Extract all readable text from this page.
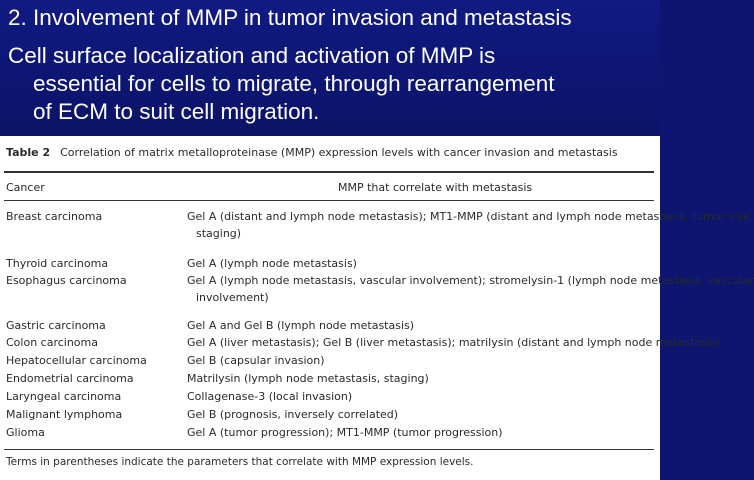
2. Involvement of MMP in tumor invasion and metastasis
Cell surface localization and activation of MMP is
essential for cells to migrate, through rearrangement
of ECM to suit cell migration.
Table 2 Correlation of matrix metalloproteinase (MMP) expression levels with cancer invasion and metastasis
Cancer	MMP that correlate with metastasis
Breast carcinoma	Gel A (distant and lymph node metastasis); MT1-MMP (distant and lymph node metastasis, tumor size,
staging)
Thyroid carcinoma	Gel A (lymph node metastasis)
Esophagus carcinoma	Gel A (lymph node metastasis, vascular involvement); stromelysin-1 (lymph node metastasis, vascular
involvement)
Gastric carcinoma	Gel A and Gel B (lymph node metastasis)
Colon carcinoma	Gel A (liver metastasis); Gel B (liver metastasis); matrilysin (distant and lymph node metastasis)
Hepatocellular carcinoma	Gel B (capsular invasion)
Endometrial carcinoma	Matrilysin (lymph node metastasis, staging)
Laryngeal carcinoma	Collagenase-3 (local invasion)
Malignant lymphoma	Gel B (prognosis, inversely correlated)
Glioma	Gel A (tumor progression); MT1-MMP (tumor progression)
Terms in parentheses indicate the parameters that correlate with MMP expression levels.
